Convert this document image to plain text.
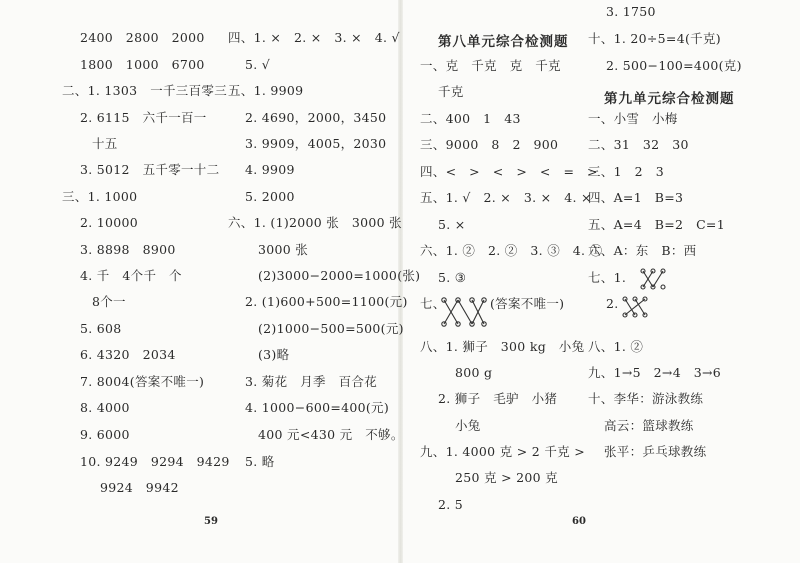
2400　2800　2000
1800　1000　6700
二、1. 1303　一千三百零三
2. 6115　六千一百一
十五
3. 5012　五千零一十二
三、1. 1000
2. 10000
3. 8898　8900
4. 千　4个千　个
8个一
5. 608
6. 4320　2034
7. 8004(答案不唯一)
8. 4000
9. 6000
10. 9249　9294　9429
9924　9942
四、1. ×　2. ×　3. ×　4. √
5. √
五、1. 9909
2. 4690，2000，3450
3. 9909，4005，2030
4. 9909
5. 2000
六、1. (1)2000 张　3000 张
3000 张
(2)3000−2000=1000(张)
2. (1)600+500=1100(元)
(2)1000−500=500(元)
(3)略
3. 菊花　月季　百合花
4. 1000−600=400(元)
400 元<430 元　不够。
5. 略
59
第八单元综合检测题
一、克　千克　克　千克
千克
二、400　1　43
三、9000　8　2　900
四、<　>　<　>　<　=　>
五、1. √　2. ×　3. ×　4. ×
5. ×
六、1. ②　2. ②　3. ③　4. ①
5. ③
七、	(答案不唯一)
八、1. 狮子　300 kg　小兔
800 g
2. 狮子　毛驴　小猪
小兔
九、1. 4000 克 > 2 千克 >
250 克 > 200 克
2. 5
60
3. 1750
十、1. 20÷5=4(千克)
2. 500−100=400(克)
第九单元综合检测题
一、小雪　小梅
二、31　32　30
三、1　2　3
四、A=1　B=3
五、A=4　B=2　C=1
六、A：东　B：西
七、1.
2.
八、1. ②
九、1→5　2→4　3→6
十、李华：游泳教练
高云：篮球教练
张平：乒乓球教练
